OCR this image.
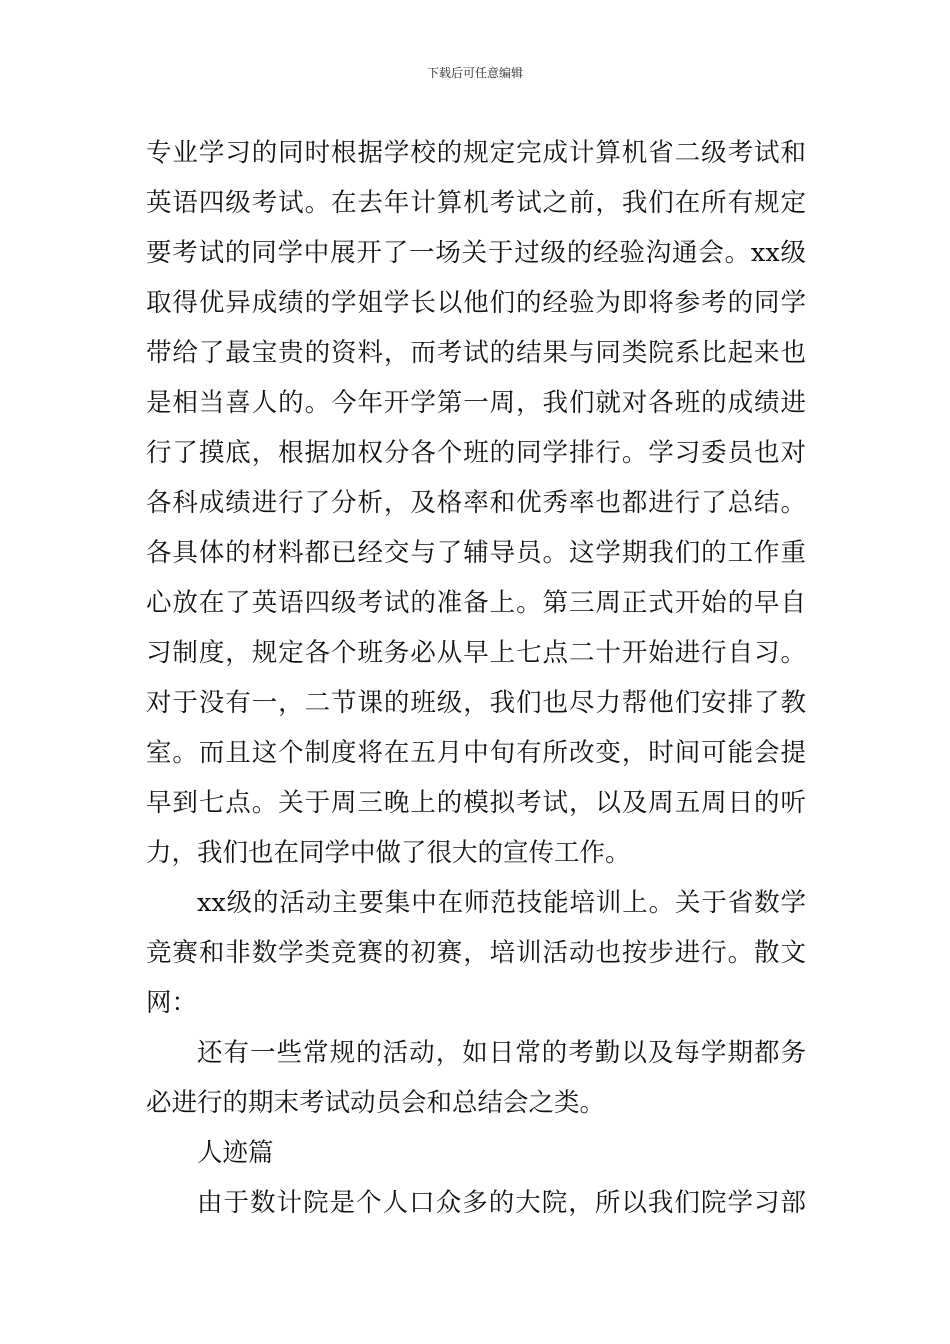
下载后可任意编辑
专业学习的同时根据学校的规定完成计算机省二级考试和
英语四级考试。在去年计算机考试之前，我们在所有规定
要考试的同学中展开了一场关于过级的经验沟通会。xx级
取得优异成绩的学姐学长以他们的经验为即将参考的同学
带给了最宝贵的资料，而考试的结果与同类院系比起来也
是相当喜人的。今年开学第一周，我们就对各班的成绩进
行了摸底，根据加权分各个班的同学排行。学习委员也对
各科成绩进行了分析，及格率和优秀率也都进行了总结。
各具体的材料都已经交与了辅导员。这学期我们的工作重
心放在了英语四级考试的准备上。第三周正式开始的早自
习制度，规定各个班务必从早上七点二十开始进行自习。
对于没有一，二节课的班级，我们也尽力帮他们安排了教
室。而且这个制度将在五月中旬有所改变，时间可能会提
早到七点。关于周三晚上的模拟考试，以及周五周日的听
力，我们也在同学中做了很大的宣传工作。
xx级的活动主要集中在师范技能培训上。关于省数学
竞赛和非数学类竞赛的初赛，培训活动也按步进行。散文
网：
还有一些常规的活动，如日常的考勤以及每学期都务
必进行的期末考试动员会和总结会之类。
人迹篇
由于数计院是个人口众多的大院，所以我们院学习部
